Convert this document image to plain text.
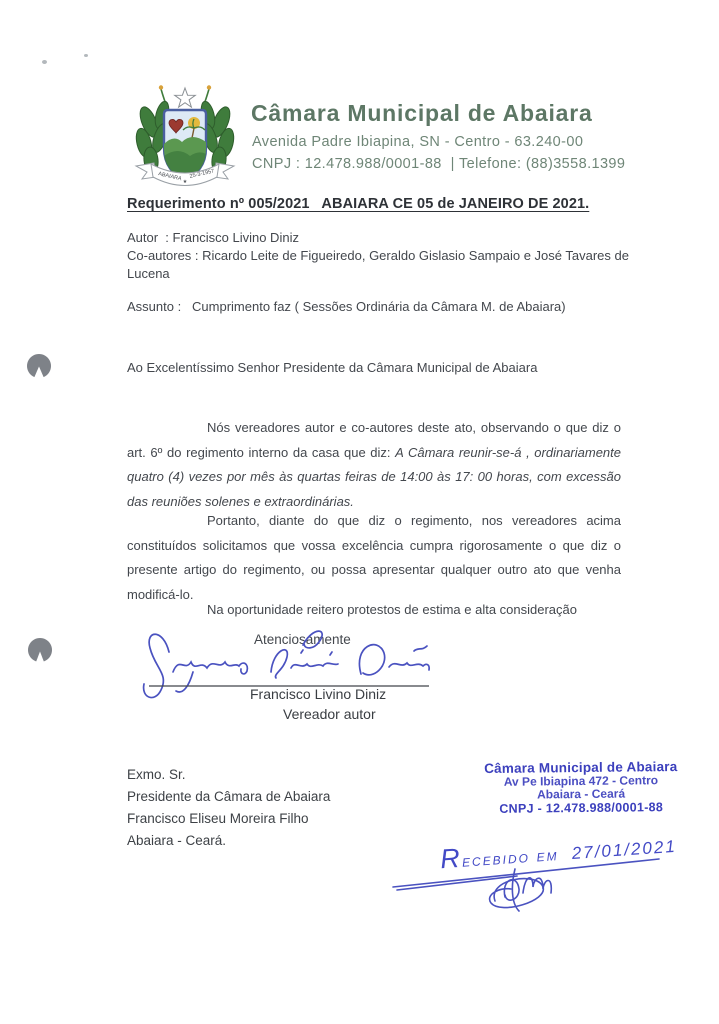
ABAIARA ★
25-3-1957
Câmara Municipal de Abaiara
Avenida Padre Ibiapina, SN - Centro - 63.240-00
CNPJ : 12.478.988/0001-88  | Telefone: (88)3558.1399
Requerimento nº 005/2021   ABAIARA CE 05 de JANEIRO DE 2021.
Autor  : Francisco Livino Diniz
Co-autores : Ricardo Leite de Figueiredo, Geraldo Gislasio Sampaio e José Tavares de
Lucena
Assunto :   Cumprimento faz ( Sessões Ordinária da Câmara M. de Abaiara)
Ao Excelentíssimo Senhor Presidente da Câmara Municipal de Abaiara
Nós vereadores autor e co-autores deste ato, observando o que diz o art. 6º do regimento interno da casa que diz: A Câmara reunir-se-á , ordinariamente quatro (4) vezes por mês às quartas feiras de 14:00 às 17: 00 horas, com excessão das reuniões solenes e extraordinárias.
Portanto, diante do que diz o regimento, nos vereadores acima constituídos solicitamos que vossa excelência cumpra rigorosamente o que diz o presente artigo do regimento, ou possa apresentar qualquer outro ato que venha modificá-lo.
Na oportunidade reitero protestos de estima e alta consideração
Atenciosamente
Francisco Livino Diniz
Vereador autor
Exmo. Sr.
Presidente da Câmara de Abaiara
Francisco Eliseu Moreira Filho
Abaiara - Ceará.
Câmara Municipal de Abaiara
Av Pe Ibiapina 472 - Centro
Abaiara - Ceará
CNPJ - 12.478.988/0001-88
Recebido em  27/01/2021
